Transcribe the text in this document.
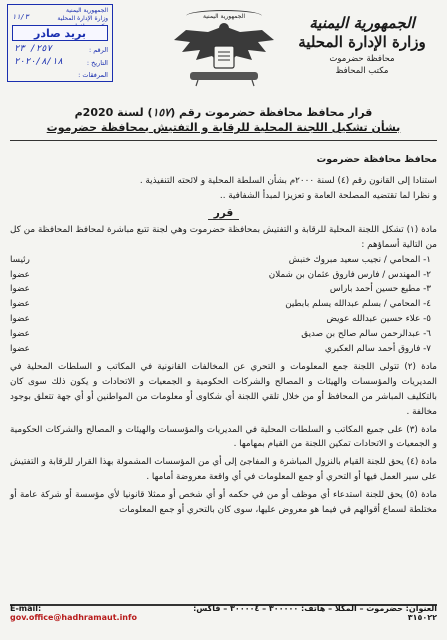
الجمهورية اليمنية
وزارة الإدارة المحلية
محافظة حضرموت
مكتب المحافظ
الجمهورية اليمنية
الجمهورية اليمنية
وزارة الإدارة المحلية
بريد صادر
الرقم :
٢٥٧/ ٢٣
التاريخ :
٢٠٢٠/٨/١٨
المرفقات :
١١/٣
قرار محافظ محافظة حضرموت رقم (١٥٧) لسنة 2020م
بشأن تشكيل اللجنة المحلية للرقابة و التفتيش بمحافظة حضرموت
محافظ محافظة حضرموت
استنادا إلى القانون رقم (٤) لسنة ٢٠٠٠م بشأن السلطة المحلية و لائحته التنفيذية .
و نظرا لما تقتضيه المصلحة العامة و تعزيزا لمبدأ الشفافية ..
قرر
مادة (١) تشكل اللجنة المحلية للرقابة و التفتيش بمحافظة حضرموت وهي لجنة تتبع مباشرة لمحافظ المحافظة من كل من التالية أسماؤهم :
١- المحامي / نجيب سعيد مبروك خنبش
رئيسا
٢- المهندس / فارس فاروق عثمان بن شملان
عضوا
٣- مطيع حسين أحمد باراس
عضوا
٤- المحامي / بسلم عبدالله يسلم بابطين
عضوا
٥- علاء حسين عبدالله عويض
عضوا
٦- عبدالرحمن سالم صالح بن صديق
عضوا
٧- فاروق أحمد سالم العكبري
عضوا
مادة (٢) تتولى اللجنة جمع المعلومات و التحري عن المخالفات القانونية في المكاتب و السلطات المحلية في المديريات والمؤسسات والهيئات و المصالح والشركات الحكومية و الجمعيات و الاتحادات و يكون ذلك سوى كان بالتكليف المباشر من المحافظ أو من خلال تلقي اللجنة أي شكاوى أو معلومات من المواطنين أو أي جهة تتعلق بوجود مخالفة .
مادة (٣) على جميع المكاتب و السلطات المحلية في المديريات والمؤسسات والهيئات و المصالح والشركات الحكومية و الجمعيات و الاتحادات تمكين اللجنة من القيام بمهامها .
مادة (٤) يحق للجنة القيام بالنزول المباشرة و المفاجئ إلى أي من المؤسسات المشمولة بهذا القرار للرقابة و التفتيش على سير العمل فيها أو التحري أو جمع المعلومات في أي واقعة معروضة أمامها .
مادة (٥) يحق للجنة استدعاء أي موظف أو من في حكمه أو أي شخص أو ممثلا قانونيا لأي مؤسسة أو شركة عامة أو مختلطة لسماع أقوالهم في فيما هو معروض عليها، سوى كان بالتحري أو جمع المعلومات
العنوان: حضرموت – المكلا – هاتف: ٣٠٠٠٠٠ – ٣٠٠٠٠٤ – فاكس: ٣١٥٠٢٢
E-mail: gov.office@hadhramaut.info
